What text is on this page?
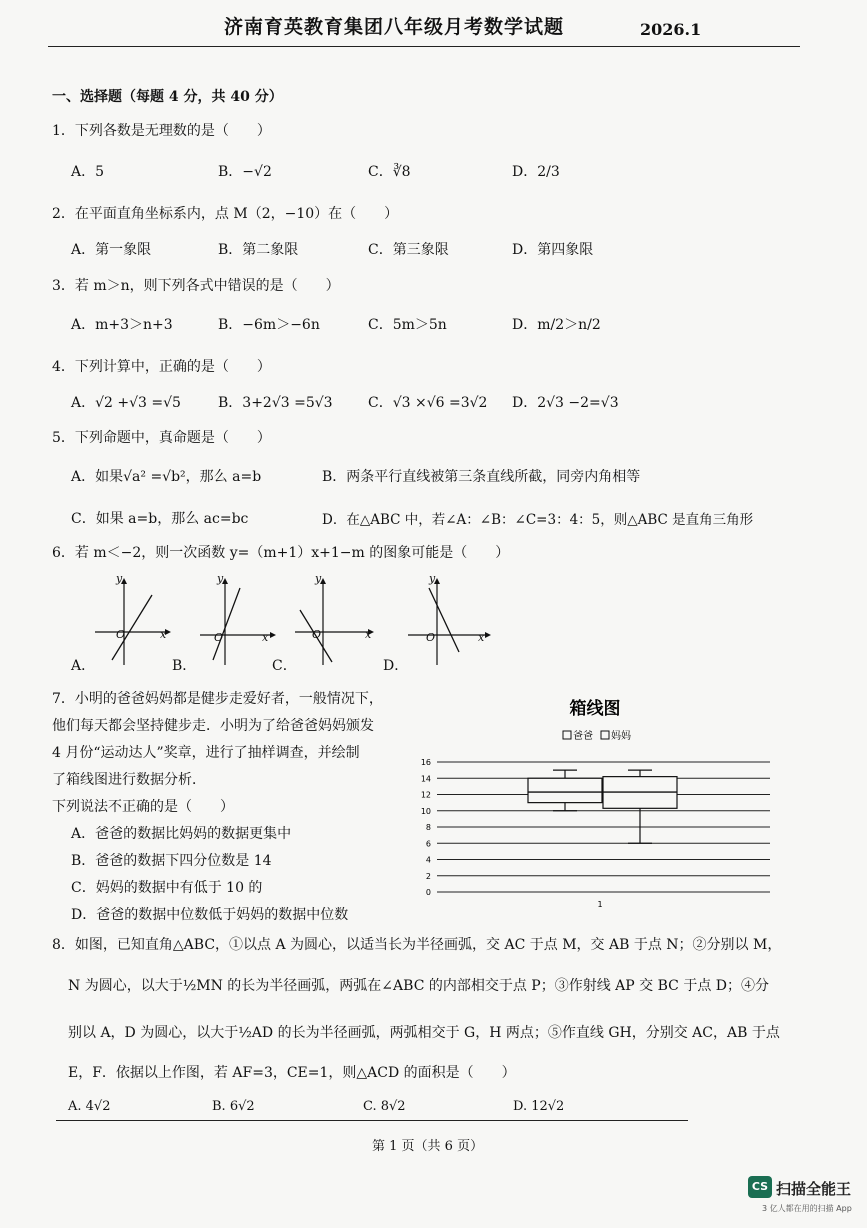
济南育英教育集团八年级月考数学试题	2026.1
一、选择题（每题 4 分，共 40 分）
1．下列各数是无理数的是（　　）
A．5	B．−√2	C．∛8	D．2/3
2．在平面直角坐标系内，点 M（2，−10）在（　　）
A．第一象限	B．第二象限	C．第三象限	D．第四象限
3．若 m＞n，则下列各式中错误的是（　　）
A．m+3＞n+3	B．−6m＞−6n	C．5m＞5n	D．m/2＞n/2
4．下列计算中，正确的是（　　）
A．√2 +√3 =√5	B．3+2√3 =5√3	C．√3 ×√6 =3√2 D．2√3 −2=√3
5．下列命题中，真命题是（　　）
A．如果√a² =√b²，那么 a=b	B．两条平行直线被第三条直线所截，同旁内角相等
C．如果 a=b，那么 ac=bc	D．在△ABC 中，若∠A：∠B：∠C=3：4：5，则△ABC 是直角三角形
6．若 m＜−2，则一次函数 y=（m+1）x+1−m 的图象可能是（　　）
y
x
O
y
x
O
y
x
O
y
x
O
A．	B．	C．	D．
7．小明的爸爸妈妈都是健步走爱好者，一般情况下，
他们每天都会坚持健步走．小明为了给爸爸妈妈颁发
4 月份“运动达人”奖章，进行了抽样调查，并绘制
了箱线图进行数据分析．
下列说法不正确的是（　　）
A．爸爸的数据比妈妈的数据更集中
B．爸爸的数据下四分位数是 14
C．妈妈的数据中有低于 10 的
D．爸爸的数据中位数低于妈妈的数据中位数
箱线图
爸爸 妈妈
0
2
4
6
8
10
12
14
16
1
8．如图，已知直角△ABC，①以点 A 为圆心，以适当长为半径画弧，交 AC 于点 M，交 AB 于点 N；②分别以 M，
N 为圆心，以大于½MN 的长为半径画弧，两弧在∠ABC 的内部相交于点 P；③作射线 AP 交 BC 于点 D；④分
别以 A，D 为圆心，以大于½AD 的长为半径画弧，两弧相交于 G，H 两点；⑤作直线 GH，分别交 AC，AB 于点
E，F．依据以上作图，若 AF=3，CE=1，则△ACD 的面积是（　　）
A. 4√2	B. 6√2	C. 8√2	D. 12√2
第 1 页（共 6 页）
CS 扫描全能王
3 亿人都在用的扫描 App
